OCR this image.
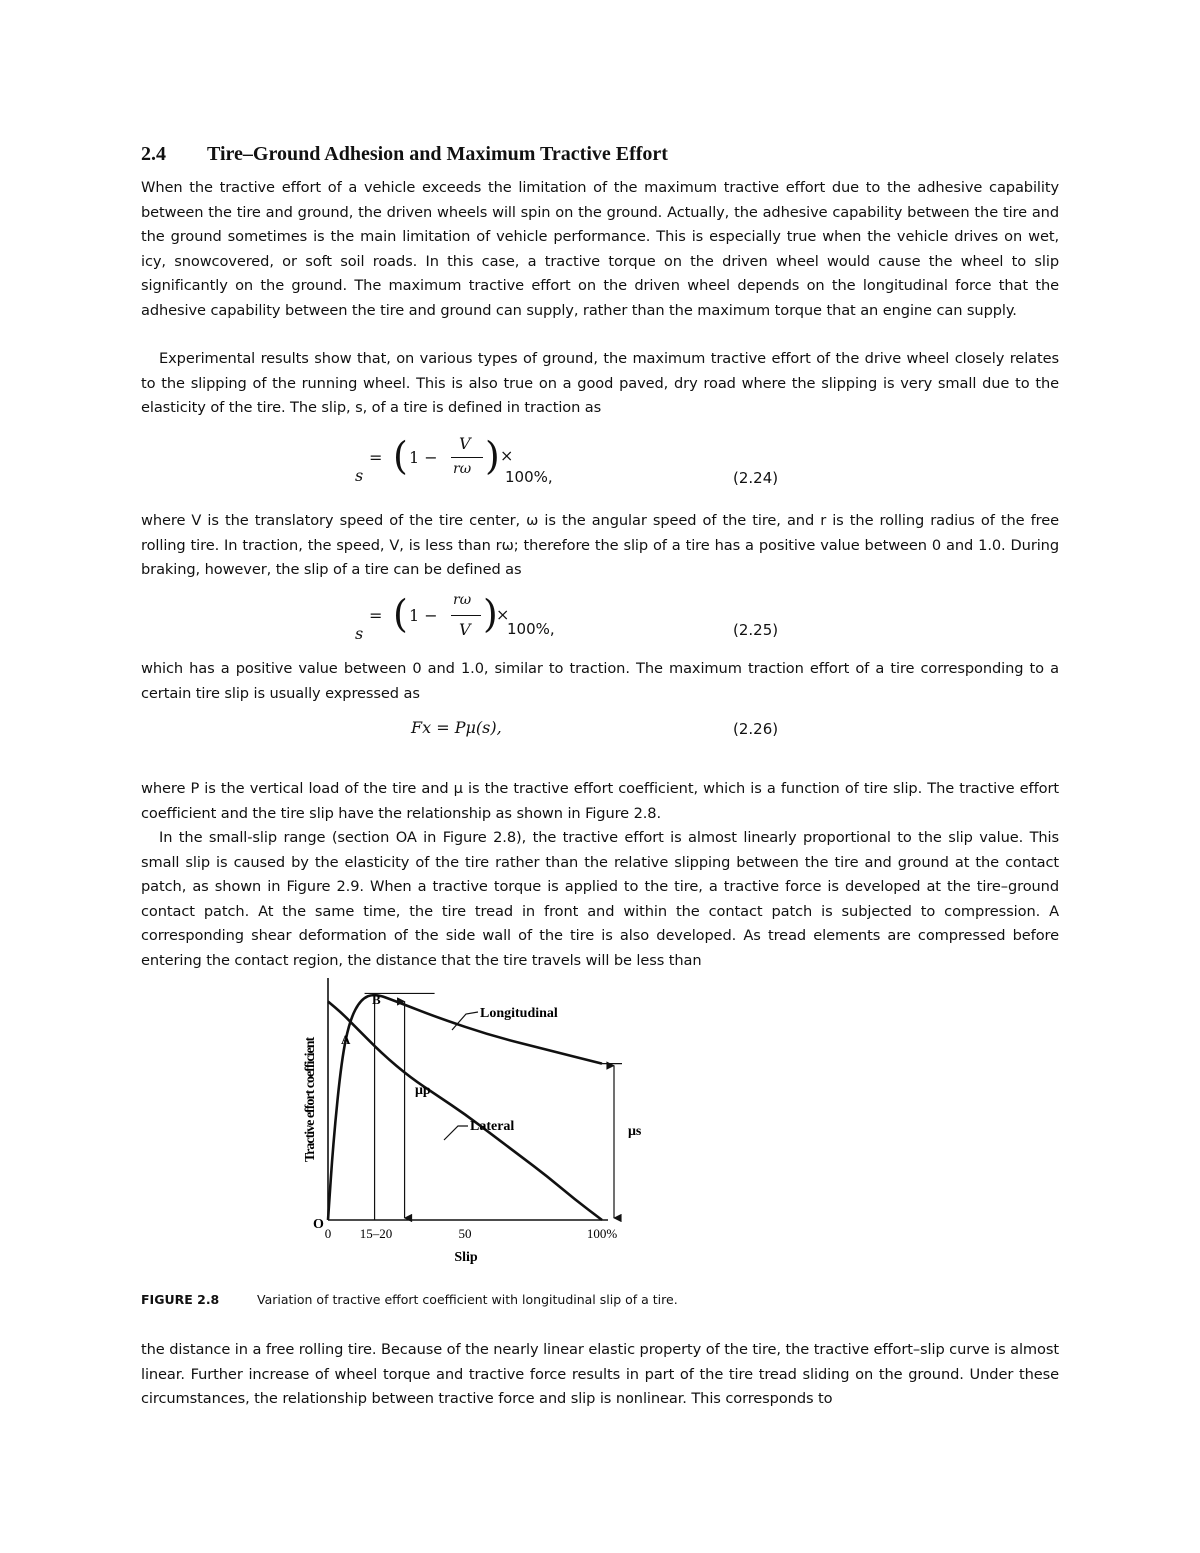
2.4 Tire–Ground Adhesion and Maximum Tractive Effort
When the tractive effort of a vehicle exceeds the limitation of the maximum tractive effort due to the adhesive capability between the tire and ground, the driven wheels will spin on the ground. Actually, the adhesive capability between the tire and the ground sometimes is the main limitation of vehicle performance. This is especially true when the vehicle drives on wet, icy, snowcovered, or soft soil roads. In this case, a tractive torque on the driven wheel would cause the wheel to slip significantly on the ground. The maximum tractive effort on the driven wheel depends on the longitudinal force that the adhesive capability between the tire and ground can supply, rather than the maximum torque that an engine can supply.
Experimental results show that, on various types of ground, the maximum tractive effort of the drive wheel closely relates to the slipping of the running wheel. This is also true on a good paved, dry road where the slipping is very small due to the elasticity of the tire. The slip, s, of a tire is defined in traction as
s
= ( 1 −
V
rω ) ×
100%,	(2.24)
where V is the translatory speed of the tire center, ω is the angular speed of the tire, and r is the rolling radius of the free rolling tire. In traction, the speed, V, is less than rω; therefore the slip of a tire has a positive value between 0 and 1.0. During braking, however, the slip of a tire can be defined as
s
= ( 1 −
rω
V )
×
100%,	(2.25)
which has a positive value between 0 and 1.0, similar to traction. The maximum traction effort of a tire corresponding to a certain tire slip is usually expressed as
Fx = Pμ(s),	(2.26)
where P is the vertical load of the tire and μ is the tractive effort coefficient, which is a function of tire slip. The tractive effort coefficient and the tire slip have the relationship as shown in Figure 2.8.
In the small-slip range (section OA in Figure 2.8), the tractive effort is almost linearly proportional to the slip value. This small slip is caused by the elasticity of the tire rather than the relative slipping between the tire and ground at the contact patch, as shown in Figure 2.9. When a tractive torque is applied to the tire, a tractive force is developed at the tire–ground contact patch. At the same time, the tire tread in front and within the contact patch is subjected to compression. A corresponding shear deformation of the side wall of the tire is also developed. As tread elements are compressed before entering the contact region, the distance that the tire travels will be less than
FIGURE 2.8	Variation of tractive effort coefficient with longitudinal slip of a tire.
the distance in a free rolling tire. Because of the nearly linear elastic property of the tire, the tractive effort–slip curve is almost linear. Further increase of wheel torque and tractive force results in part of the tire tread sliding on the ground. Under these circumstances, the relationship between tractive force and slip is nonlinear. This corresponds to
0 15–20	50	100%
Tractive effort coefficient
Slip
O
A
B
Longitudinal
Lateral
μp
μs
